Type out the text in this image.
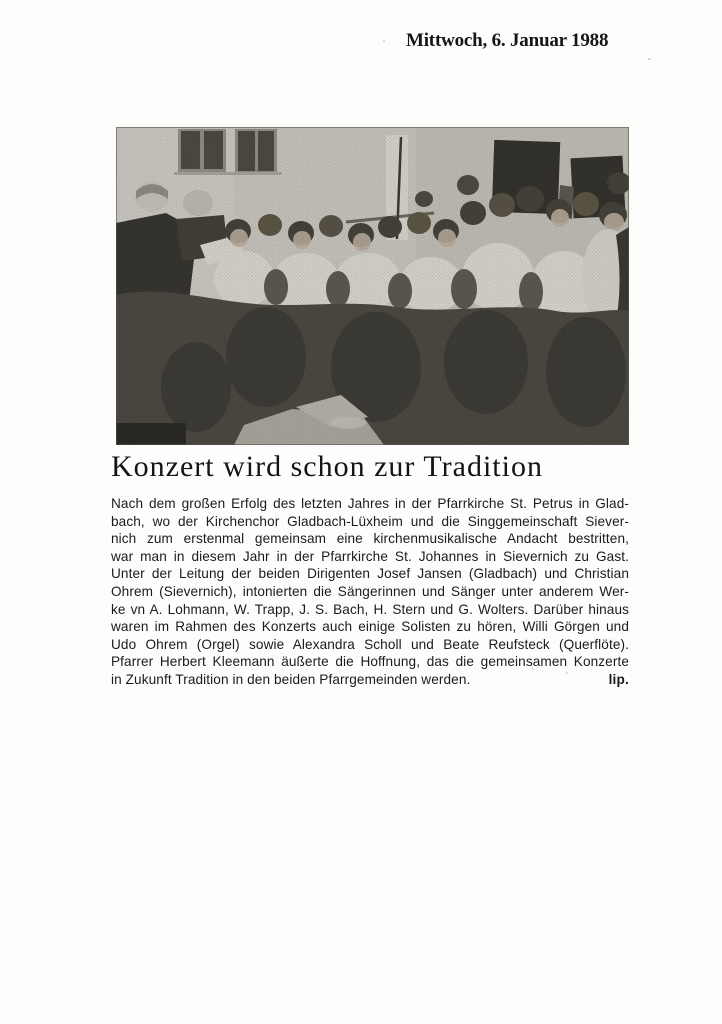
Mittwoch, 6. Januar 1988
Konzert wird schon zur Tradition
Nach dem großen Erfolg des letzten Jahres in der Pfarrkirche St. Petrus in Glad-
bach, wo der Kirchenchor Gladbach-Lüxheim und die Singgemeinschaft Siever-
nich zum erstenmal gemeinsam eine kirchenmusikalische Andacht bestritten,
war man in diesem Jahr in der Pfarrkirche St. Johannes in Sievernich zu Gast.
Unter der Leitung der beiden Dirigenten Josef Jansen (Gladbach) und Christian
Ohrem (Sievernich), intonierten die Sängerinnen und Sänger unter anderem Wer-
ke vn A. Lohmann, W. Trapp, J. S. Bach, H. Stern und G. Wolters. Darüber hinaus
waren im Rahmen des Konzerts auch einige Solisten zu hören, Willi Görgen und
Udo Ohrem (Orgel) sowie Alexandra Scholl und Beate Reufsteck (Querflöte).
Pfarrer Herbert Kleemann äußerte die Hoffnung, das die gemeinsamen Konzerte
in Zukunft Tradition in den beiden Pfarrgemeinden werden.	lip.
